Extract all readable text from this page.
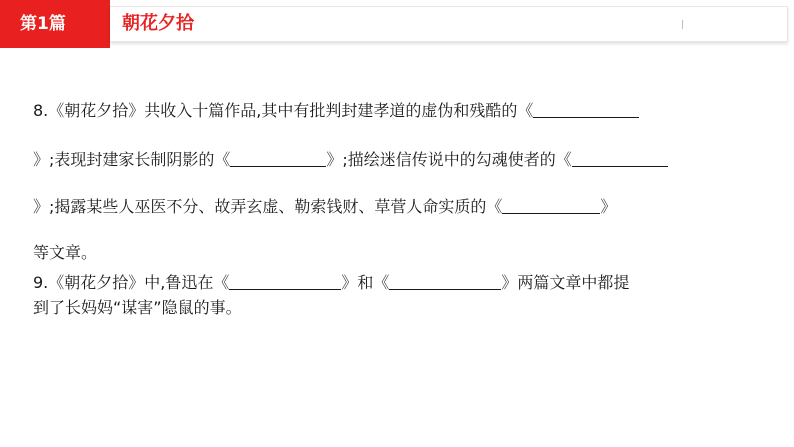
第1篇	朝花夕拾
8.《朝花夕拾》共收入十篇作品,其中有批判封建孝道的虚伪和残酷的《
》;表现封建家长制阴影的《	》;描绘迷信传说中的勾魂使者的《
》;揭露某些人巫医不分、故弄玄虚、勒索钱财、草菅人命实质的《	》
等文章。
9.《朝花夕拾》中,鲁迅在《	》和《	》两篇文章中都提
到了长妈妈“谋害”隐鼠的事。
